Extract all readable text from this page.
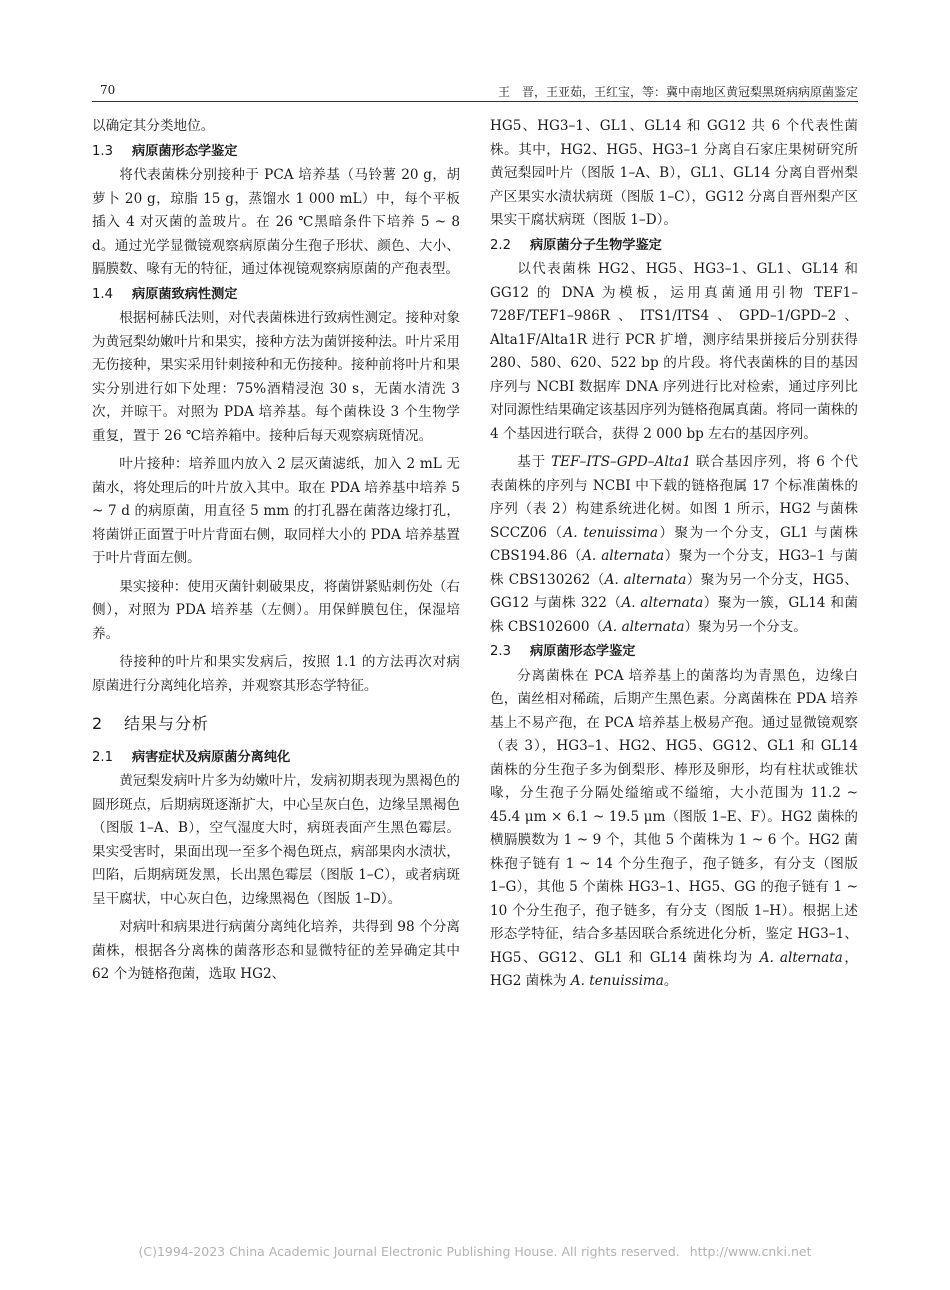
70	王　晋，王亚茹，王红宝，等：冀中南地区黄冠梨黑斑病病原菌鉴定

以确定其分类地位。

1.3 病原菌形态学鉴定

将代表菌株分别接种于 PCA 培养基（马铃薯 20 g，胡萝卜 20 g，琼脂 15 g，蒸馏水 1 000 mL）中，每个平板插入 4 对灭菌的盖玻片。在 26 ℃黑暗条件下培养 5 ~ 8 d。通过光学显微镜观察病原菌分生孢子形状、颜色、大小、膈膜数、喙有无的特征，通过体视镜观察病原菌的产孢表型。

1.4 病原菌致病性测定

根据柯赫氏法则，对代表菌株进行致病性测定。接种对象为黄冠梨幼嫩叶片和果实，接种方法为菌饼接种法。叶片采用无伤接种，果实采用针刺接种和无伤接种。接种前将叶片和果实分别进行如下处理：75%酒精浸泡 30 s，无菌水清洗 3 次，并晾干。对照为 PDA 培养基。每个菌株设 3 个生物学重复，置于 26 ℃培养箱中。接种后每天观察病斑情况。

叶片接种：培养皿内放入 2 层灭菌滤纸，加入 2 mL 无菌水，将处理后的叶片放入其中。取在 PDA 培养基中培养 5 ~ 7 d 的病原菌，用直径 5 mm 的打孔器在菌落边缘打孔，将菌饼正面置于叶片背面右侧，取同样大小的 PDA 培养基置于叶片背面左侧。

果实接种：使用灭菌针刺破果皮，将菌饼紧贴刺伤处（右侧），对照为 PDA 培养基（左侧）。用保鲜膜包住，保湿培养。

待接种的叶片和果实发病后，按照 1.1 的方法再次对病原菌进行分离纯化培养，并观察其形态学特征。

2 结果与分析
2.1 病害症状及病原菌分离纯化

黄冠梨发病叶片多为幼嫩叶片，发病初期表现为黑褐色的圆形斑点，后期病斑逐渐扩大，中心呈灰白色，边缘呈黑褐色（图版 1–A、B），空气湿度大时，病斑表面产生黑色霉层。果实受害时，果面出现一至多个褐色斑点，病部果肉水渍状，凹陷，后期病斑发黑，长出黑色霉层（图版 1–C），或者病斑呈干腐状，中心灰白色，边缘黑褐色（图版 1–D）。

对病叶和病果进行病菌分离纯化培养，共得到 98 个分离菌株，根据各分离株的菌落形态和显微特征的差异确定其中 62 个为链格孢菌，选取 HG2、

HG5、HG3–1、GL1、GL14 和 GG12 共 6 个代表性菌株。其中，HG2、HG5、HG3–1 分离自石家庄果树研究所黄冠梨园叶片（图版 1–A、B），GL1、GL14 分离自晋州梨产区果实水渍状病斑（图版 1–C），GG12 分离自晋州梨产区果实干腐状病斑（图版 1–D）。

2.2 病原菌分子生物学鉴定

以代表菌株 HG2、HG5、HG3–1、GL1、GL14 和 GG12 的 DNA 为模板，运用真菌通用引物 TEF1–728F/TEF1–986R、ITS1/ITS4、GPD–1/GPD–2、Alta1F/Alta1R 进行 PCR 扩增，测序结果拼接后分别获得 280、580、620、522 bp 的片段。将代表菌株的目的基因序列与 NCBI 数据库 DNA 序列进行比对检索，通过序列比对同源性结果确定该基因序列为链格孢属真菌。将同一菌株的 4 个基因进行联合，获得 2 000 bp 左右的基因序列。

基于 TEF–ITS–GPD–Alta1 联合基因序列，将 6 个代表菌株的序列与 NCBI 中下载的链格孢属 17 个标准菌株的序列（表 2）构建系统进化树。如图 1 所示，HG2 与菌株 SCCZ06（A. tenuissima）聚为一个分支，GL1 与菌株 CBS194.86（A. alternata）聚为一个分支，HG3–1 与菌株 CBS130262（A. alternata）聚为另一个分支，HG5、GG12 与菌株 322（A. alternata）聚为一簇，GL14 和菌株 CBS102600（A. alternata）聚为另一个分支。

2.3 病原菌形态学鉴定

分离菌株在 PCA 培养基上的菌落均为青黑色，边缘白色，菌丝相对稀疏，后期产生黑色素。分离菌株在 PDA 培养基上不易产孢，在 PCA 培养基上极易产孢。通过显微镜观察（表 3），HG3–1、HG2、HG5、GG12、GL1 和 GL14 菌株的分生孢子多为倒梨形、棒形及卵形，均有柱状或锥状喙，分生孢子分隔处缢缩或不缢缩，大小范围为 11.2 ~ 45.4 μm × 6.1 ~ 19.5 μm（图版 1–E、F）。HG2 菌株的横膈膜数为 1 ~ 9 个，其他 5 个菌株为 1 ~ 6 个。HG2 菌株孢子链有 1 ~ 14 个分生孢子，孢子链多，有分支（图版 1–G），其他 5 个菌株 HG3–1、HG5、GG 的孢子链有 1 ~ 10 个分生孢子，孢子链多，有分支（图版 1–H）。根据上述形态学特征，结合多基因联合系统进化分析，鉴定 HG3–1、HG5、GG12、GL1 和 GL14 菌株均为 A. alternata，HG2 菌株为 A. tenuissima。

(C)1994-2023 China Academic Journal Electronic Publishing House. All rights reserved. http://www.cnki.net
